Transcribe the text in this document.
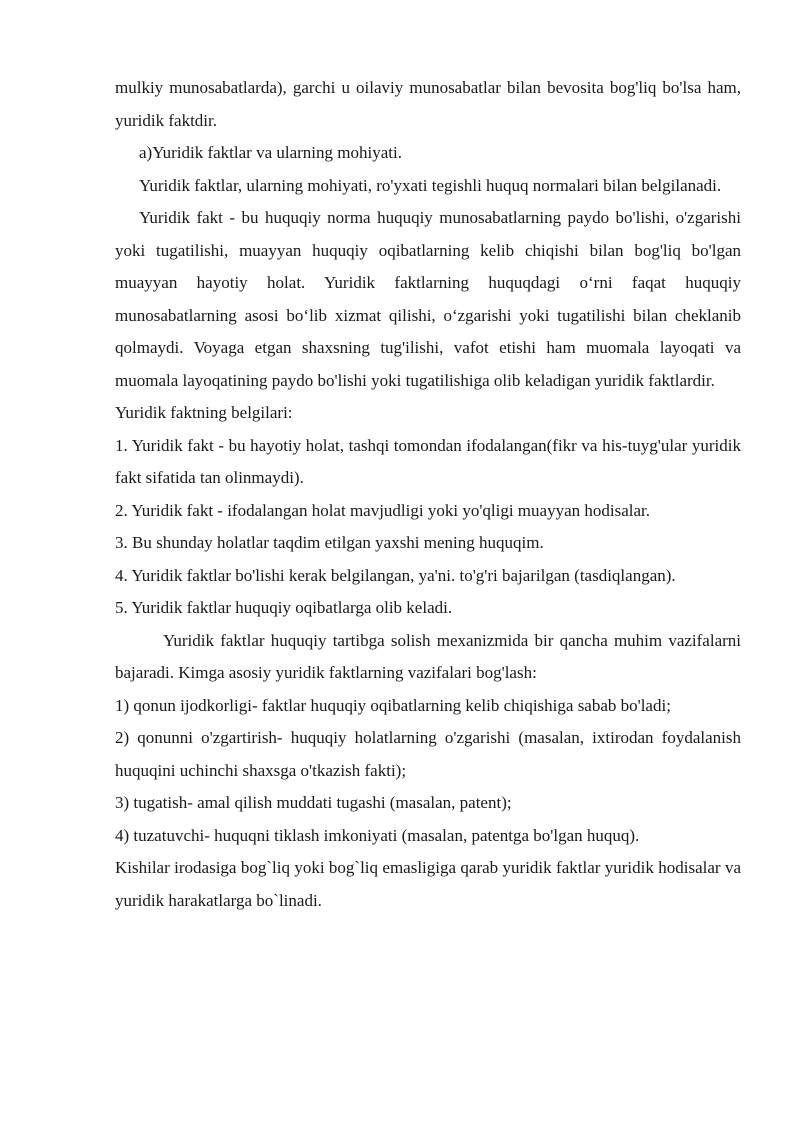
mulkiy munosabatlarda), garchi u oilaviy munosabatlar bilan bevosita bog'liq bo'lsa ham, yuridik faktdir.

a)Yuridik faktlar va ularning mohiyati.

Yuridik faktlar, ularning mohiyati, ro'yxati tegishli huquq normalari bilan belgilanadi.

Yuridik fakt - bu huquqiy norma huquqiy munosabatlarning paydo bo'lishi, o'zgarishi yoki tugatilishi, muayyan huquqiy oqibatlarning kelib chiqishi bilan bog'liq bo'lgan muayyan hayotiy holat. Yuridik faktlarning huquqdagi o‘rni faqat huquqiy munosabatlarning asosi bo‘lib xizmat qilishi, o‘zgarishi yoki tugatilishi bilan cheklanib qolmaydi. Voyaga etgan shaxsning tug'ilishi, vafot etishi ham muomala layoqati va muomala layoqatining paydo bo'lishi yoki tugatilishiga olib keladigan yuridik faktlardir.

Yuridik faktning belgilari:

1. Yuridik fakt - bu hayotiy holat, tashqi tomondan ifodalangan(fikr va his-tuyg'ular yuridik fakt sifatida tan olinmaydi).

2. Yuridik fakt - ifodalangan holat mavjudligi yoki yo'qligi muayyan hodisalar.

3. Bu shunday holatlar taqdim etilgan yaxshi mening huquqim.

4. Yuridik faktlar bo'lishi kerak belgilangan, ya'ni. to'g'ri bajarilgan (tasdiqlangan).

5. Yuridik faktlar huquqiy oqibatlarga olib keladi.

Yuridik faktlar huquqiy tartibga solish mexanizmida bir qancha muhim vazifalarni bajaradi. Kimga asosiy yuridik faktlarning vazifalari bog'lash:

1) qonun ijodkorligi- faktlar huquqiy oqibatlarning kelib chiqishiga sabab bo'ladi;

2) qonunni o'zgartirish- huquqiy holatlarning o'zgarishi (masalan, ixtirodan foydalanish huquqini uchinchi shaxsga o'tkazish fakti);

3) tugatish- amal qilish muddati tugashi (masalan, patent);

4) tuzatuvchi- huquqni tiklash imkoniyati (masalan, patentga bo'lgan huquq).

Kishilar irodasiga bog`liq yoki bog`liq emasligiga qarab yuridik faktlar yuridik hodisalar va yuridik harakatlarga bo`linadi.
